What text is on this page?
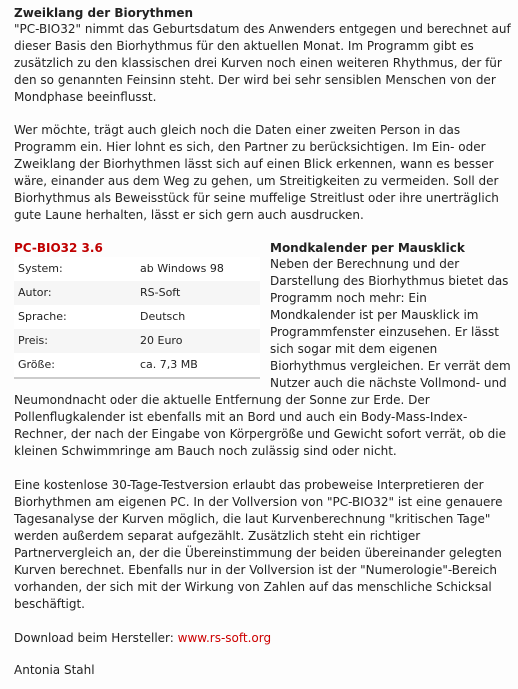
Zweiklang der Biorythmen

"PC-BIO32" nimmt das Geburtsdatum des Anwenders entgegen und berechnet auf dieser Basis den Biorhythmus für den aktuellen Monat. Im Programm gibt es zusätzlich zu den klassischen drei Kurven noch einen weiteren Rhythmus, der für den so genannten Feinsinn steht. Der wird bei sehr sensiblen Menschen von der Mondphase beeinflusst.

Wer möchte, trägt auch gleich noch die Daten einer zweiten Person in das Programm ein. Hier lohnt es sich, den Partner zu berücksichtigen. Im Ein- oder Zweiklang der Biorhythmen lässt sich auf einen Blick erkennen, wann es besser wäre, einander aus dem Weg zu gehen, um Streitigkeiten zu vermeiden. Soll der Biorhythmus als Beweisstück für seine muffelige Streitlust oder ihre unerträglich gute Laune herhalten, lässt er sich gern auch ausdrucken.

PC-BIO32 3.6
System:	ab Windows 98
Autor:	RS-Soft
Sprache:	Deutsch
Preis:	20 Euro
Größe:	ca. 7,3 MB
Mondkalender per Mausklick

Neben der Berechnung und der Darstellung des Biorhythmus bietet das Programm noch mehr: Ein Mondkalender ist per Mausklick im Programmfenster einzusehen. Er lässt sich sogar mit dem eigenen Biorhythmus vergleichen. Er verrät dem Nutzer auch die nächste Vollmond- und Neumondnacht oder die aktuelle Entfernung der Sonne zur Erde. Der Pollenflugkalender ist ebenfalls mit an Bord und auch ein Body-Mass-Index-Rechner, der nach der Eingabe von Körpergröße und Gewicht sofort verrät, ob die kleinen Schwimmringe am Bauch noch zulässig sind oder nicht.

Eine kostenlose 30-Tage-Testversion erlaubt das probeweise Interpretieren der Biorhythmen am eigenen PC. In der Vollversion von "PC-BIO32" ist eine genauere Tagesanalyse der Kurven möglich, die laut Kurvenberechnung "kritischen Tage" werden außerdem separat aufgezählt. Zusätzlich steht ein richtiger Partnervergleich an, der die Übereinstimmung der beiden übereinander gelegten Kurven berechnet. Ebenfalls nur in der Vollversion ist der "Numerologie"-Bereich vorhanden, der sich mit der Wirkung von Zahlen auf das menschliche Schicksal beschäftigt.

Download beim Hersteller: www.rs-soft.org

Antonia Stahl
